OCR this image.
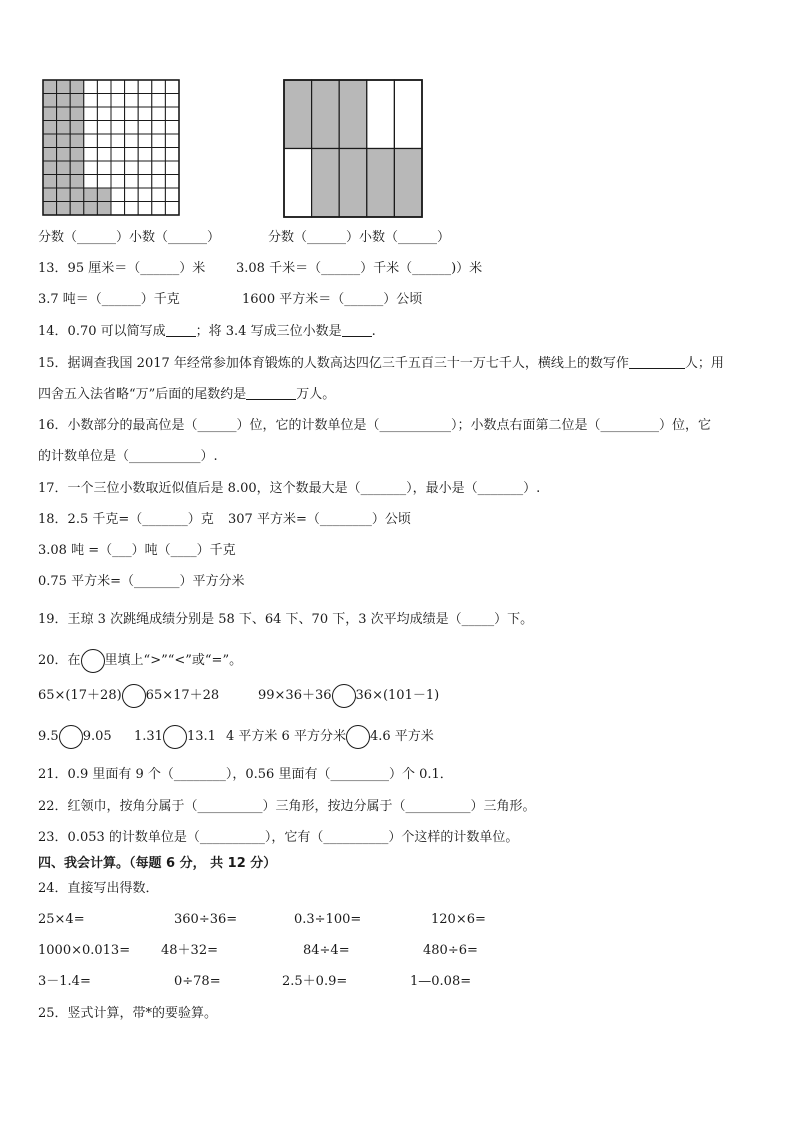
分数（______）小数（______）	分数（______）小数（______）
13．95 厘米＝（______）米 3.08 千米＝（______）千米（______)）米
3.7 吨＝（______）千克	1600 平方米＝（______）公顷
14．0.70 可以简写成 ；将 3.4 写成三位小数是 .
15．据调查我国 2017 年经常参加体育锻炼的人数高达四亿三千五百三十一万七千人，横线上的数写作	人；用
四舍五入法省略“万”后面的尾数约是	万人。
16．小数部分的最高位是（______）位，它的计数单位是（___________）；小数点右面第二位是（_________）位，它
的计数单位是（___________）.
17．一个三位小数取近似值后是 8.00，这个数最大是（_______），最小是（_______）.
18．2.5 千克=（_______）克 307 平方米=（________）公顷
3.08 吨 =（___）吨（____）千克
0.75 平方米=（_______）平方分米
19．王琼 3 次跳绳成绩分别是 58 下、64 下、70 下，3 次平均成绩是（_____）下。
20．在 里填上“>”“<”或“=”。
65×(17＋28) 65×17＋28	99×36＋36 36×(101－1)
9.5 9.05 1.31 13.1 4 平方米 6 平方分米 4.6 平方米
21．0.9 里面有 9 个（________），0.56 里面有（_________）个 0.1．
22．红领巾，按角分属于（__________）三角形，按边分属于（__________）三角形。
23．0.053 的计数单位是（__________），它有（__________）个这样的计数单位。
四、我会计算。（每题 6 分， 共 12 分）
24．直接写出得数．
25×4=	360÷36=	0.3÷100=	120×6=
1000×0.013= 48＋32=	84÷4=	480÷6=
3－1.4=	0÷78=	2.5＋0.9=	1—0.08=
25．竖式计算，带*的要验算。
